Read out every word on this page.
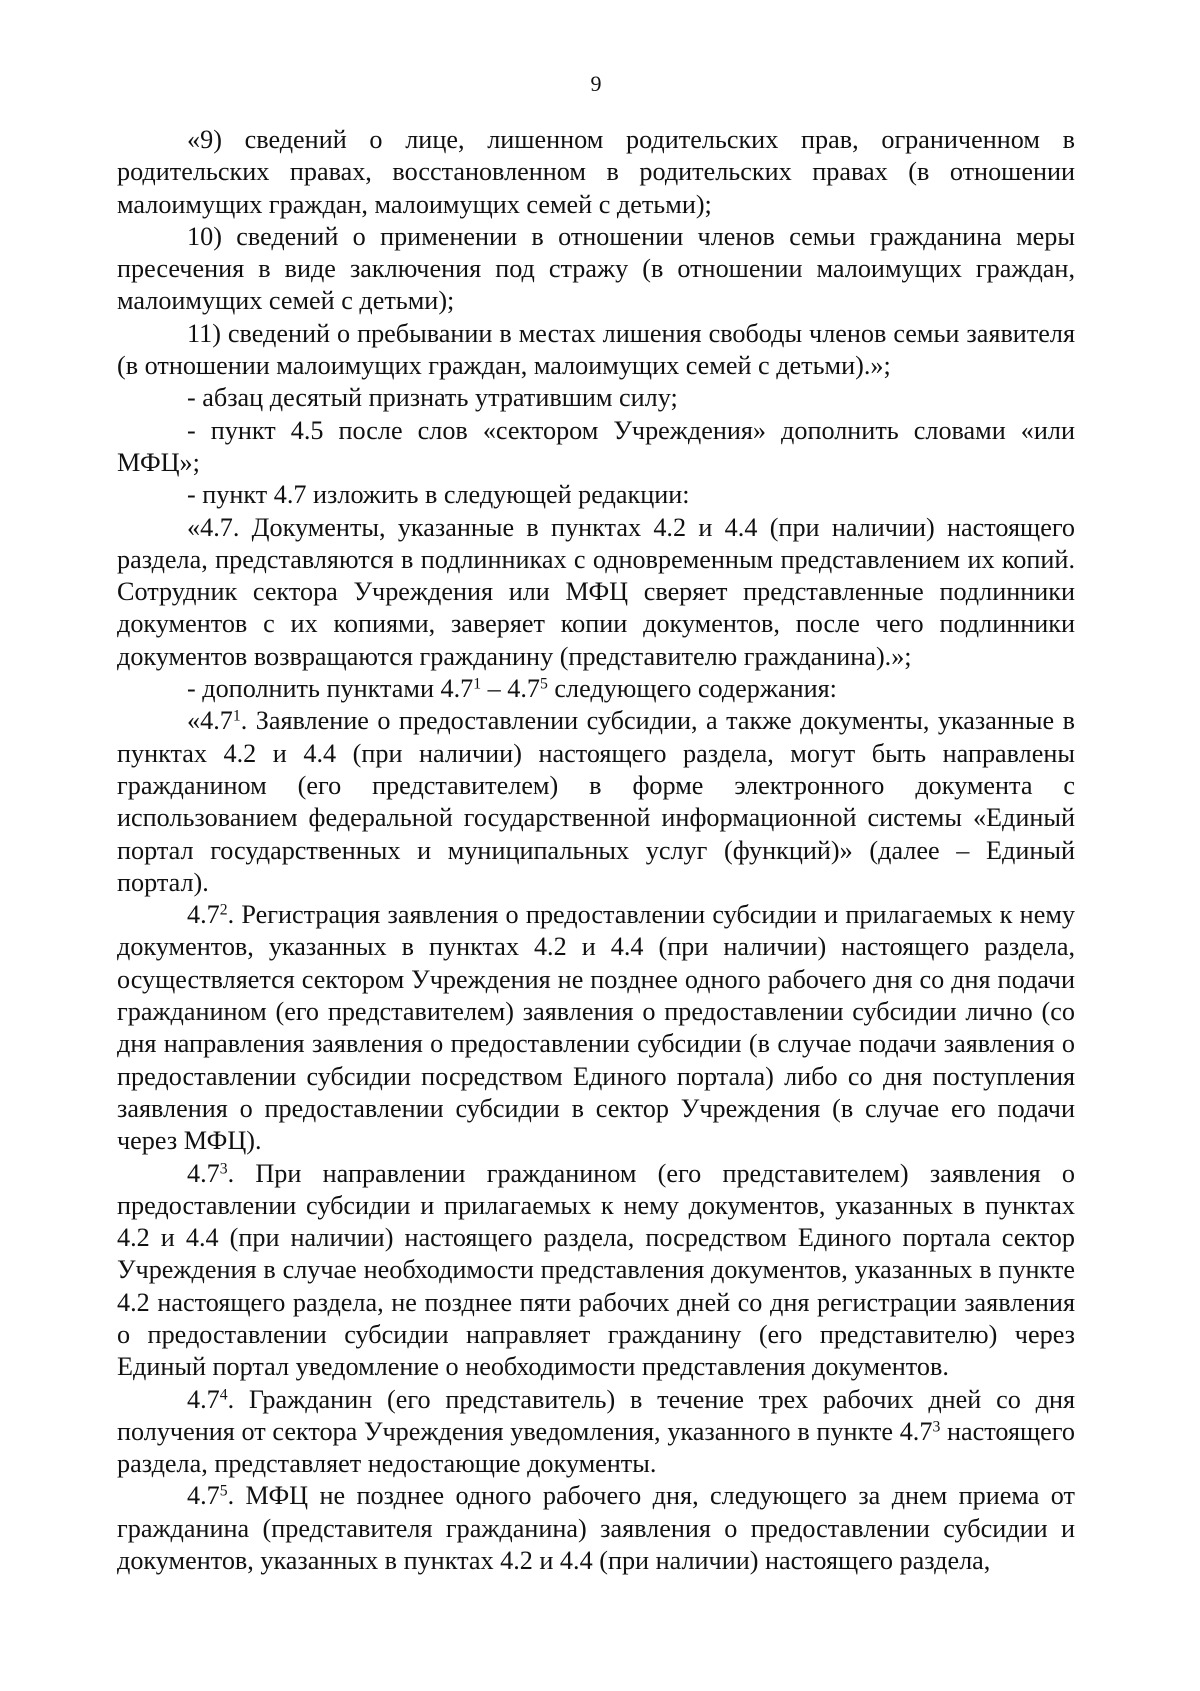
9

«9) сведений о лице, лишенном родительских прав, ограниченном в родительских правах, восстановленном в родительских правах (в отношении малоимущих граждан, малоимущих семей с детьми);

10) сведений о применении в отношении членов семьи гражданина меры пресечения в виде заключения под стражу (в отношении малоимущих граждан, малоимущих семей с детьми);

11) сведений о пребывании в местах лишения свободы членов семьи заявителя (в отношении малоимущих граждан, малоимущих семей с детьми).»;

- абзац десятый признать утратившим силу;

- пункт 4.5 после слов «сектором Учреждения» дополнить словами «или МФЦ»;

- пункт 4.7 изложить в следующей редакции:

«4.7. Документы, указанные в пунктах 4.2 и 4.4 (при наличии) настоящего раздела, представляются в подлинниках с одновременным представлением их копий. Сотрудник сектора Учреждения или МФЦ сверяет представленные подлинники документов с их копиями, заверяет копии документов, после чего подлинники документов возвращаются гражданину (представителю гражданина).»;

- дополнить пунктами $4.7^1 - 4.7^5$ следующего содержания:

«$4.7^1$. Заявление о предоставлении субсидии, а также документы, указанные в пунктах 4.2 и 4.4 (при наличии) настоящего раздела, могут быть направлены гражданином (его представителем) в форме электронного документа с использованием федеральной государственной информационной системы «Единый портал государственных и муниципальных услуг (функций)» (далее – Единый портал).

$4.7^2$. Регистрация заявления о предоставлении субсидии и прилагаемых к нему документов, указанных в пунктах 4.2 и 4.4 (при наличии) настоящего раздела, осуществляется сектором Учреждения не позднее одного рабочего дня со дня подачи гражданином (его представителем) заявления о предоставлении субсидии лично (со дня направления заявления о предоставлении субсидии (в случае подачи заявления о предоставлении субсидии посредством Единого портала) либо со дня поступления заявления о предоставлении субсидии в сектор Учреждения (в случае его подачи через МФЦ).

$4.7^3$. При направлении гражданином (его представителем) заявления о предоставлении субсидии и прилагаемых к нему документов, указанных в пунктах 4.2 и 4.4 (при наличии) настоящего раздела, посредством Единого портала сектор Учреждения в случае необходимости представления документов, указанных в пункте 4.2 настоящего раздела, не позднее пяти рабочих дней со дня регистрации заявления о предоставлении субсидии направляет гражданину (его представителю) через Единый портал уведомление о необходимости представления документов.

$4.7^4$. Гражданин (его представитель) в течение трех рабочих дней со дня получения от сектора Учреждения уведомления, указанного в пункте $4.7^3$ настоящего раздела, представляет недостающие документы.

$4.7^5$. МФЦ не позднее одного рабочего дня, следующего за днем приема от гражданина (представителя гражданина) заявления о предоставлении субсидии и документов, указанных в пунктах 4.2 и 4.4 (при наличии) настоящего раздела,
